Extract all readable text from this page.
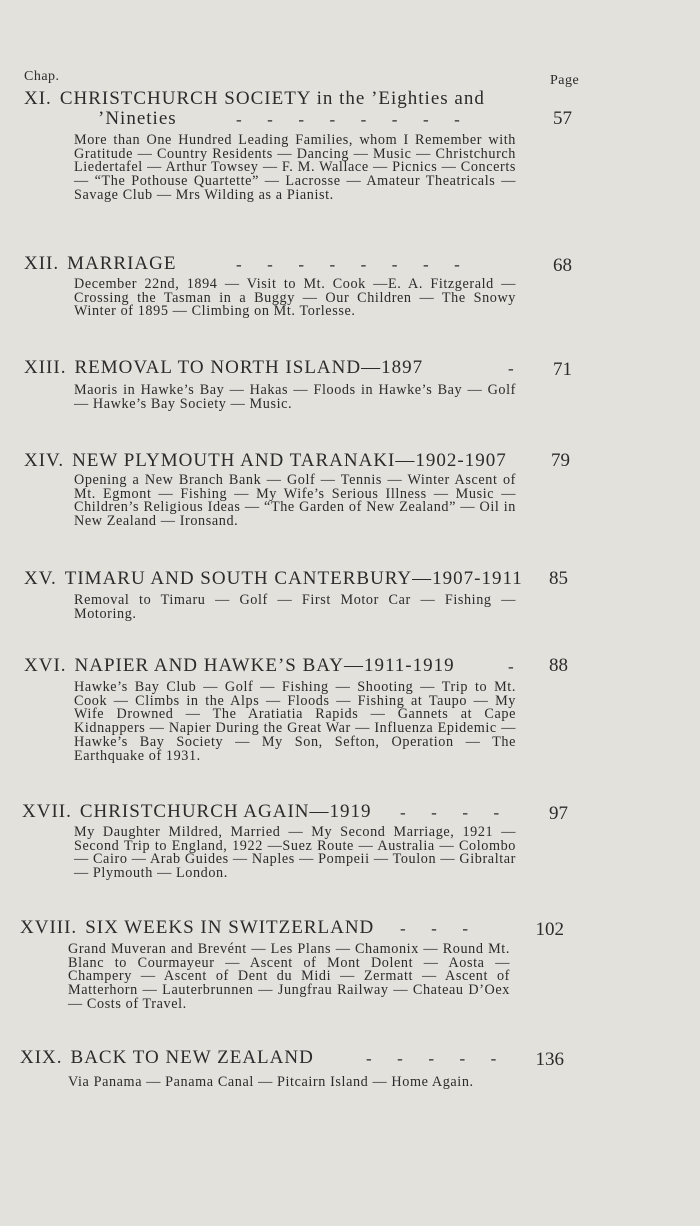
Chap.	Page
XI. CHRISTCHURCH SOCIETY in the ’Eighties and
’Nineties	-      -      -      -      -      -      -      -	57
More than One Hundred Leading Families, whom I Remember with Gratitude — Country Residents — Dancing — Music — Christchurch Liedertafel — Arthur Towsey — F. M. Wallace — Picnics — Concerts — “The Pothouse Quartette” — Lacrosse — Amateur Theatricals — Savage Club — Mrs Wilding as a Pianist.
XII. MARRIAGE	-      -      -      -      -      -      -      -	68
December 22nd, 1894 — Visit to Mt. Cook —E. A. Fitzgerald — Crossing the Tasman in a Buggy — Our Children — The Snowy Winter of 1895 — Climbing on Mt. Torlesse.
XIII. REMOVAL TO NORTH ISLAND—1897	-	71
Maoris in Hawke’s Bay — Hakas — Floods in Hawke’s Bay — Golf — Hawke’s Bay Society — Music.
XIV. NEW PLYMOUTH AND TARANAKI—1902-1907	79
Opening a New Branch Bank — Golf — Tennis — Winter Ascent of Mt. Egmont — Fishing — My Wife’s Serious Illness — Music — Children’s Religious Ideas — “The Garden of New Zealand” — Oil in New Zealand — Ironsand.
XV. TIMARU AND SOUTH CANTERBURY—1907-1911	85
Removal to Timaru — Golf — First Motor Car — Fishing — Motoring.
XVI. NAPIER AND HAWKE’S BAY—1911-1919	-	88
Hawke’s Bay Club — Golf — Fishing — Shooting — Trip to Mt. Cook — Climbs in the Alps — Floods — Fishing at Taupo — My Wife Drowned — The Aratiatia Rapids — Gannets at Cape Kidnappers — Napier During the Great War — Influenza Epidemic — Hawke’s Bay Society — My Son, Sefton, Operation — The Earthquake of 1931.
XVII. CHRISTCHURCH AGAIN—1919 -      -      -      -	97
My Daughter Mildred, Married — My Second Marriage, 1921 — Second Trip to England, 1922 —Suez Route — Australia — Colombo — Cairo — Arab Guides — Naples — Pompeii — Toulon — Gibraltar — Plymouth — London.
XVIII. SIX WEEKS IN SWITZERLAND -      -      -	102
Grand Muveran and Brevént — Les Plans — Chamonix — Round Mt. Blanc to Courmayeur — Ascent of Mont Dolent — Aosta — Champery — Ascent of Dent du Midi — Zermatt — Ascent of Matterhorn — Lauterbrunnen — Jungfrau Railway — Chateau D’Oex — Costs of Travel.
XIX. BACK TO NEW ZEALAND	-      -      -      -      -	136
Via Panama — Panama Canal — Pitcairn Island — Home Again.
